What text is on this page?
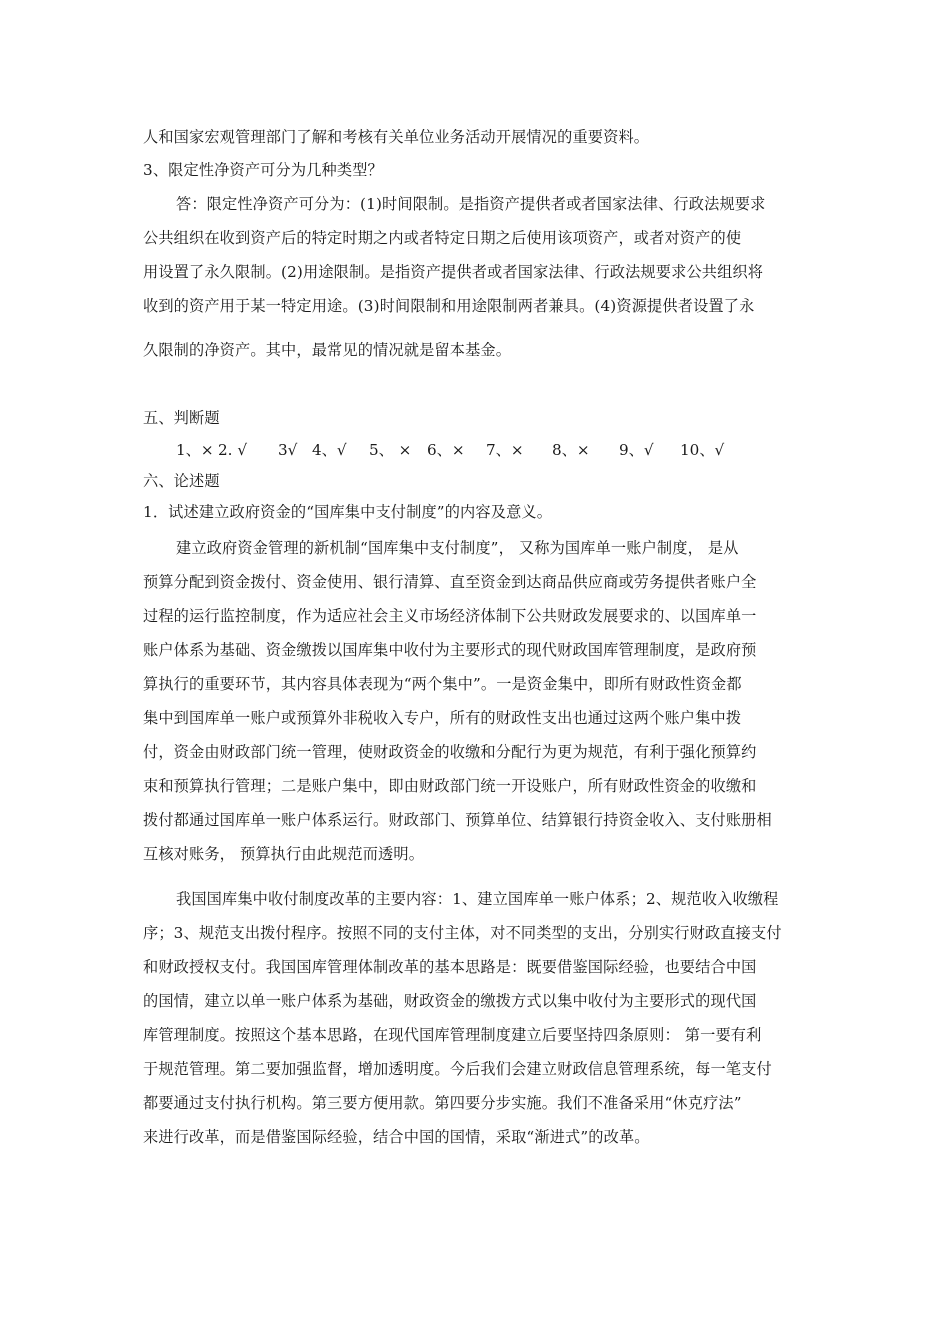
人和国家宏观管理部门了解和考核有关单位业务活动开展情况的重要资料。
3、限定性净资产可分为几种类型？
答：限定性净资产可分为：(1)时间限制。是指资产提供者或者国家法律、行政法规要求
公共组织在收到资产后的特定时期之内或者特定日期之后使用该项资产，或者对资产的使
用设置了永久限制。(2)用途限制。是指资产提供者或者国家法律、行政法规要求公共组织将
收到的资产用于某一特定用途。(3)时间限制和用途限制两者兼具。(4)资源提供者设置了永
久限制的净资产。其中，最常见的情况就是留本基金。
五、判断题
1、× 2. √ 3√ 4、√ 5、 × 6、× 7、× 8、× 9、√ 10、√
六、论述题
1．试述建立政府资金的“国库集中支付制度”的内容及意义。
建立政府资金管理的新机制“国库集中支付制度”， 又称为国库单一账户制度， 是从
预算分配到资金拨付、资金使用、银行清算、直至资金到达商品供应商或劳务提供者账户全
过程的运行监控制度，作为适应社会主义市场经济体制下公共财政发展要求的、以国库单一
账户体系为基础、资金缴拨以国库集中收付为主要形式的现代财政国库管理制度，是政府预
算执行的重要环节，其内容具体表现为“两个集中”。一是资金集中，即所有财政性资金都
集中到国库单一账户或预算外非税收入专户，所有的财政性支出也通过这两个账户集中拨
付，资金由财政部门统一管理，使财政资金的收缴和分配行为更为规范，有利于强化预算约
束和预算执行管理；二是账户集中，即由财政部门统一开设账户，所有财政性资金的收缴和
拨付都通过国库单一账户体系运行。财政部门、预算单位、结算银行持资金收入、支付账册相
互核对账务， 预算执行由此规范而透明。
我国国库集中收付制度改革的主要内容：1、建立国库单一账户体系；2、规范收入收缴程
序；3、规范支出拨付程序。按照不同的支付主体，对不同类型的支出，分别实行财政直接支付
和财政授权支付。我国国库管理体制改革的基本思路是：既要借鉴国际经验，也要结合中国
的国情，建立以单一账户体系为基础，财政资金的缴拨方式以集中收付为主要形式的现代国
库管理制度。按照这个基本思路，在现代国库管理制度建立后要坚持四条原则： 第一要有利
于规范管理。第二要加强监督，增加透明度。今后我们会建立财政信息管理系统，每一笔支付
都要通过支付执行机构。第三要方便用款。第四要分步实施。我们不准备采用“休克疗法”
来进行改革，而是借鉴国际经验，结合中国的国情，采取“渐进式”的改革。
